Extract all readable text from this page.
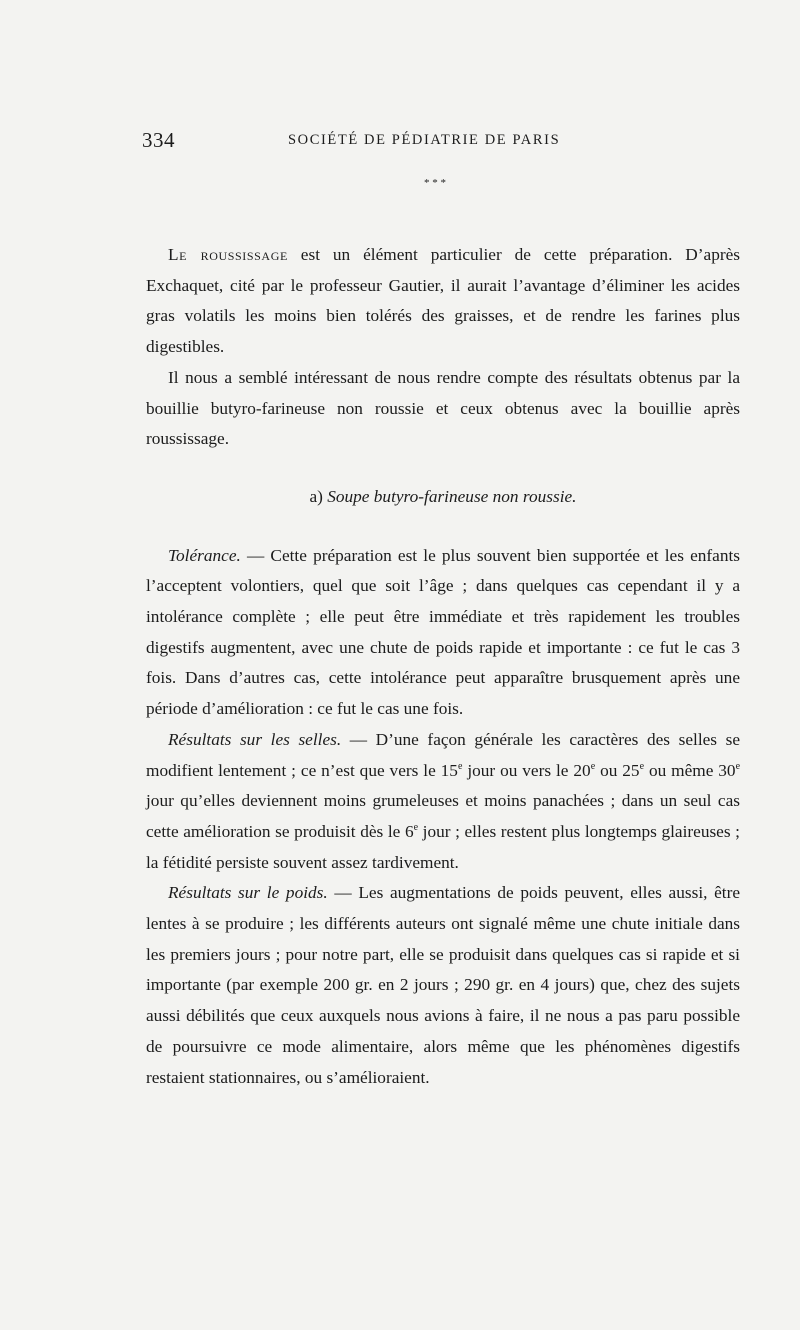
334	SOCIÉTÉ DE PÉDIATRIE DE PARIS
* * *

Le roussissage est un élément particulier de cette préparation. D’après Exchaquet, cité par le professeur Gautier, il aurait l’avantage d’éliminer les acides gras volatils les moins bien tolérés des graisses, et de rendre les farines plus digestibles.

Il nous a semblé intéressant de nous rendre compte des résultats obtenus par la bouillie butyro-farineuse non roussie et ceux obtenus avec la bouillie après roussissage.

a) Soupe butyro-farineuse non roussie.

Tolérance. — Cette préparation est le plus souvent bien supportée et les enfants l’acceptent volontiers, quel que soit l’âge ; dans quelques cas cependant il y a intolérance complète ; elle peut être immédiate et très rapidement les troubles digestifs augmentent, avec une chute de poids rapide et importante : ce fut le cas 3 fois. Dans d’autres cas, cette intolérance peut apparaître brusquement après une période d’amélioration : ce fut le cas une fois.

Résultats sur les selles. — D’une façon générale les caractères des selles se modifient lentement ; ce n’est que vers le 15e jour ou vers le 20e ou 25e ou même 30e jour qu’elles deviennent moins grumeleuses et moins panachées ; dans un seul cas cette amélioration se produisit dès le 6e jour ; elles restent plus longtemps glaireuses ; la fétidité persiste souvent assez tardivement.

Résultats sur le poids. — Les augmentations de poids peuvent, elles aussi, être lentes à se produire ; les différents auteurs ont signalé même une chute initiale dans les premiers jours ; pour notre part, elle se produisit dans quelques cas si rapide et si importante (par exemple 200 gr. en 2 jours ; 290 gr. en 4 jours) que, chez des sujets aussi débilités que ceux auxquels nous avions à faire, il ne nous a pas paru possible de poursuivre ce mode alimentaire, alors même que les phénomènes digestifs restaient stationnaires, ou s’amélioraient.
